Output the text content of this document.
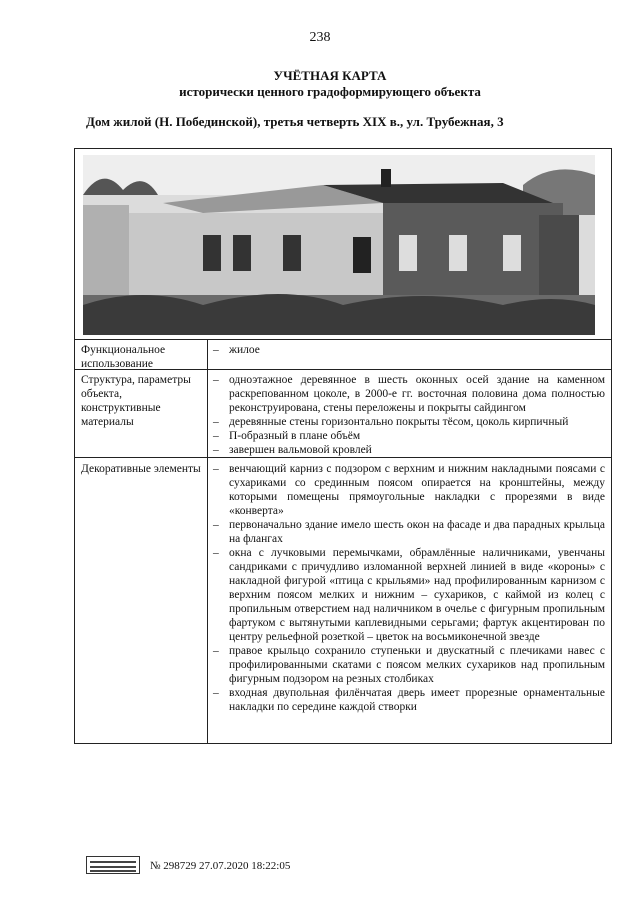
238
УЧЁТНАЯ КАРТА
исторически ценного градоформирующего объекта
Дом жилой (Н. Побединской), третья четверть XIX в., ул. Трубежная, 3
Функциональное использование
– жилое
Структура, параметры объекта, конструктивные материалы
– одноэтажное деревянное в шесть оконных осей здание на каменном раскрепованном цоколе, в 2000-е гг. восточная половина дома полностью реконструирована, стены переложены и покрыты сайдингом
– деревянные стены горизонтально покрыты тёсом, цоколь кирпичный
– П-образный в плане объём
– завершен вальмовой кровлей
Декоративные элементы
–	венчающий карниз с подзором с верхним и нижним накладными поясами с сухариками со срединным поясом опирается на кронштейны, между которыми помещены прямоугольные накладки с прорезями в виде «конверта»
– первоначально здание имело шесть окон на фасаде и два парадных крыльца на флангах
– окна с лучковыми перемычками, обрамлённые наличниками, увенчаны сандриками с причудливо изломанной верхней линией в виде «короны» с накладной фигурой «птица с крыльями» над профилированным карнизом с верхним поясом мелких и нижним – сухариков, с каймой из колец с пропильным отверстием над наличником в очелье с фигурным пропильным фартуком с вытянутыми каплевидными серьгами; фартук акцентирован по центру рельефной розеткой – цветок на восьмиконечной звезде
– правое крыльцо сохранило ступеньки и двускатный с плечиками навес с профилированными скатами с поясом мелких сухариков над пропильным фигурным подзором на резных столбиках
– входная двупольная филёнчатая дверь имеет прорезные орнаментальные накладки по середине каждой створки
№ 298729 27.07.2020 18:22:05
